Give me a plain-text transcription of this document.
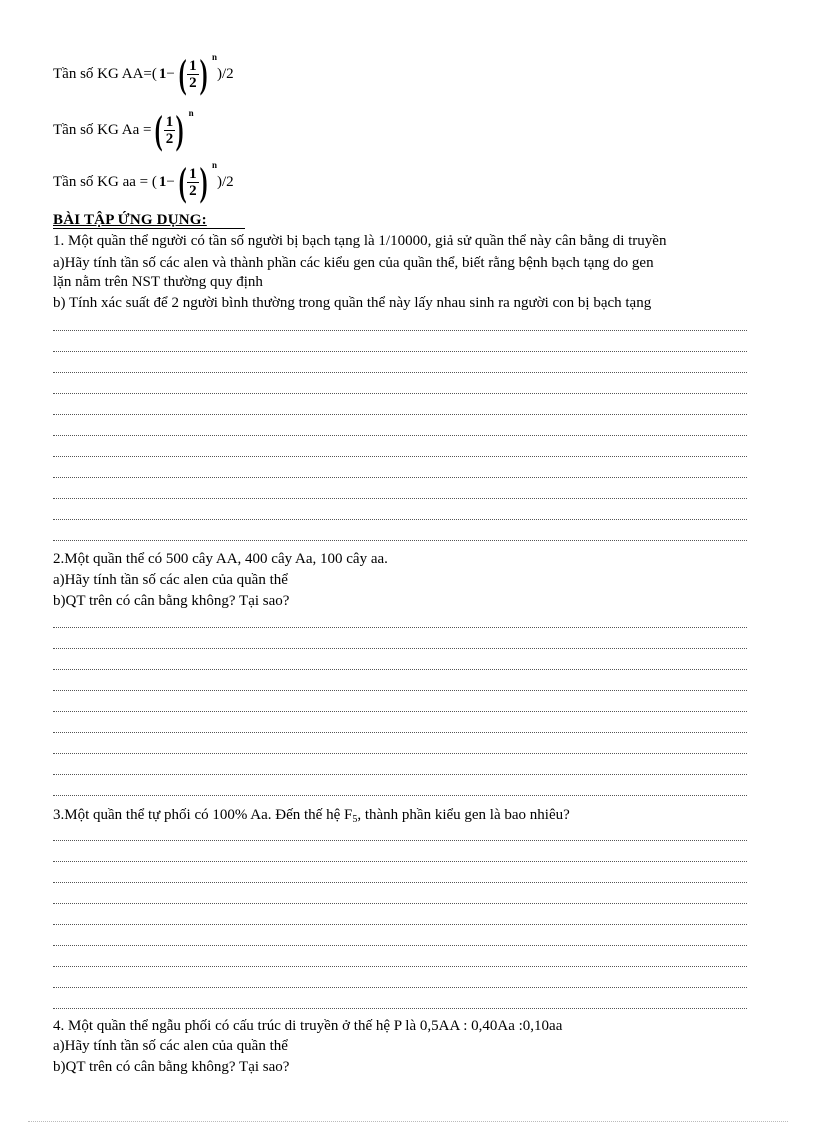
Tần số KG AA=( 1 − ( $\frac{1}{2}$ ) n
)/2
Tần số KG Aa = ( $\frac{1}{2}$ ) n
Tần số KG aa = ( 1 − ( $\frac{1}{2}$ ) n
)/2
BÀI TẬP ỨNG DỤNG:
1. Một quần thể người có tần số người bị bạch tạng là 1/10000, giả sử quần thể này cân bằng di truyền
a)Hãy tính tần số các alen và thành phần các kiểu gen của quần thể, biết rằng bệnh bạch tạng do gen
lặn nằm trên NST thường quy định
b) Tính xác suất để 2 người bình thường trong quần thể này lấy nhau sinh ra người con bị bạch tạng
2.Một quần thể có 500 cây AA, 400 cây Aa, 100 cây aa.
a)Hãy tính tần số các alen của quần thể
b)QT trên có cân bằng không? Tại sao?
3.Một quần thể tự phối có 100% Aa. Đến thế hệ $F_5$, thành phần kiểu gen là bao nhiêu?
4. Một quần thể ngẫu phối có cấu trúc di truyền ở thế hệ P là 0,5AA : 0,40Aa :0,10aa
a)Hãy tính tần số các alen của quần thể
b)QT trên có cân bằng không? Tại sao?
